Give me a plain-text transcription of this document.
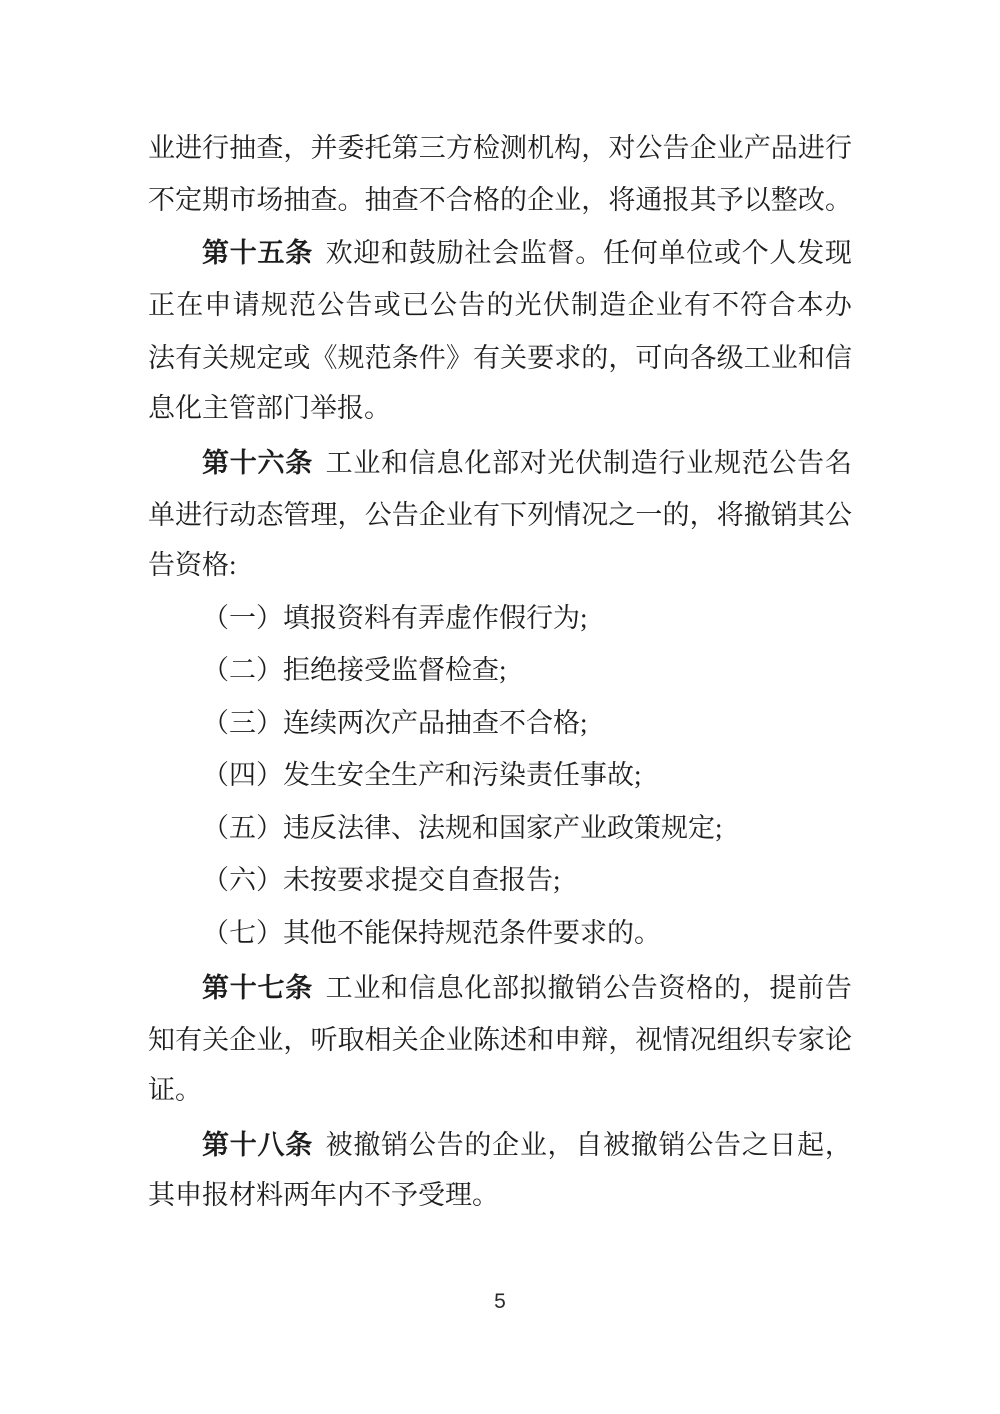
业 进 行 抽 查 ， 并 委 托 第 三 方 检 测 机 构 ， 对 公 告 企 业 产 品 进 行
不 定 期 市 场 抽 查 。 抽 查 不 合 格 的 企 业 ， 将 通 报 其 予 以 整 改 。
第 十 五 条 欢 迎 和 鼓 励 社 会 监 督 。 任 何 单 位 或 个 人 发 现
正 在 申 请 规 范 公 告 或 已 公 告 的 光 伏 制 造 企 业 有 不 符 合 本 办
法 有 关 规 定 或 《 规 范 条 件 》 有 关 要 求 的 ， 可 向 各 级 工 业 和 信
息化主管部门举报。
第 十 六 条 工 业 和 信 息 化 部 对 光 伏 制 造 行 业 规 范 公 告 名
单 进 行 动 态 管 理 ， 公 告 企 业 有 下 列 情 况 之 一 的 ， 将 撤 销 其 公
告资格:
（一）填报资料有弄虚作假行为;
（二）拒绝接受监督检查;
（三）连续两次产品抽查不合格;
（四）发生安全生产和污染责任事故;
（五）违反法律、法规和国家产业政策规定;
（六）未按要求提交自查报告;
（七）其他不能保持规范条件要求的。
第 十 七 条 工 业 和 信 息 化 部 拟 撤 销 公 告 资 格 的 ， 提 前 告
知 有 关 企 业 ， 听 取 相 关 企 业 陈 述 和 申 辩 ， 视 情 况 组 织 专 家 论
证。
第 十 八 条 被 撤 销 公 告 的 企 业 ， 自 被 撤 销 公 告 之 日 起 ，
其申报材料两年内不予受理。
5
